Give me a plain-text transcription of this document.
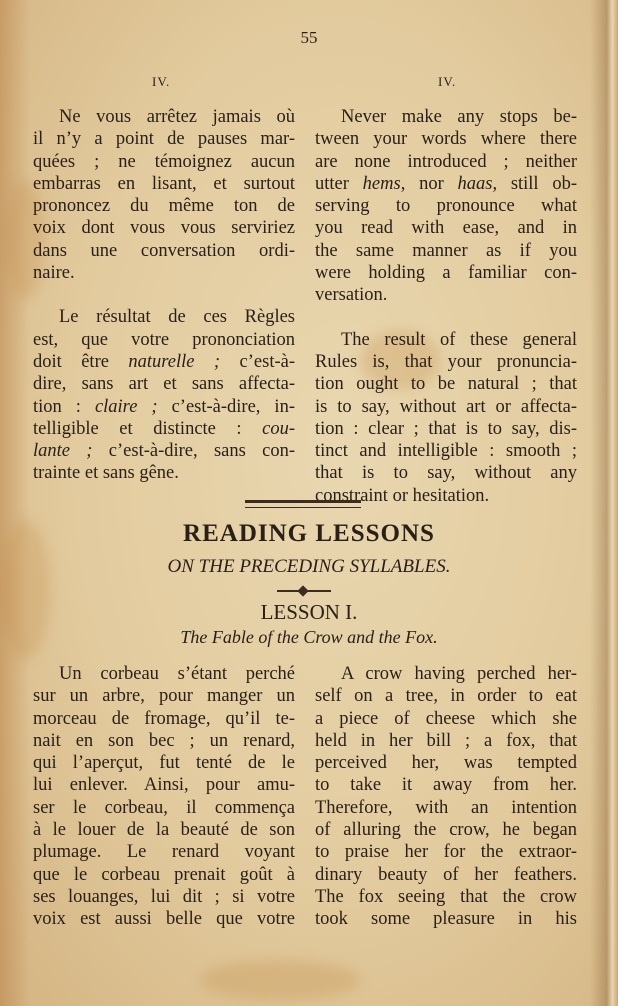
55
IV.	IV.
Ne vous arrêtez jamais où
il n’y a point de pauses mar-
quées ; ne témoignez aucun
embarras en lisant, et surtout
prononcez du même ton de
voix dont vous vous serviriez
dans une conversation ordi-
naire.
Le résultat de ces Règles
est, que votre prononciation
doit être naturelle ; c’est-à-
dire, sans art et sans affecta-
tion : claire ; c’est-à-dire, in-
telligible et distincte : cou-
lante ; c’est-à-dire, sans con-
trainte et sans gêne.
Never make any stops be-
tween your words where there
are none introduced ; neither
utter hems, nor haas, still ob-
serving to pronounce what
you read with ease, and in
the same manner as if you
were holding a familiar con-
versation.
The result of these general
Rules is, that your pronuncia-
tion ought to be natural ; that
is to say, without art or affecta-
tion : clear ; that is to say, dis-
tinct and intelligible : smooth ;
that is to say, without any
constraint or hesitation.
READING LESSONS
ON THE PRECEDING SYLLABLES.
LESSON I.
The Fable of the Crow and the Fox.
Un corbeau s’étant perché
sur un arbre, pour manger un
morceau de fromage, qu’il te-
nait en son bec ; un renard,
qui l’aperçut, fut tenté de le
lui enlever. Ainsi, pour amu-
ser le corbeau, il commença
à le louer de la beauté de son
plumage. Le renard voyant
que le corbeau prenait goût à
ses louanges, lui dit ; si votre
voix est aussi belle que votre
A crow having perched her-
self on a tree, in order to eat
a piece of cheese which she
held in her bill ; a fox, that
perceived her, was tempted
to take it away from her.
Therefore, with an intention
of alluring the crow, he began
to praise her for the extraor-
dinary beauty of her feathers.
The fox seeing that the crow
took some pleasure in his
